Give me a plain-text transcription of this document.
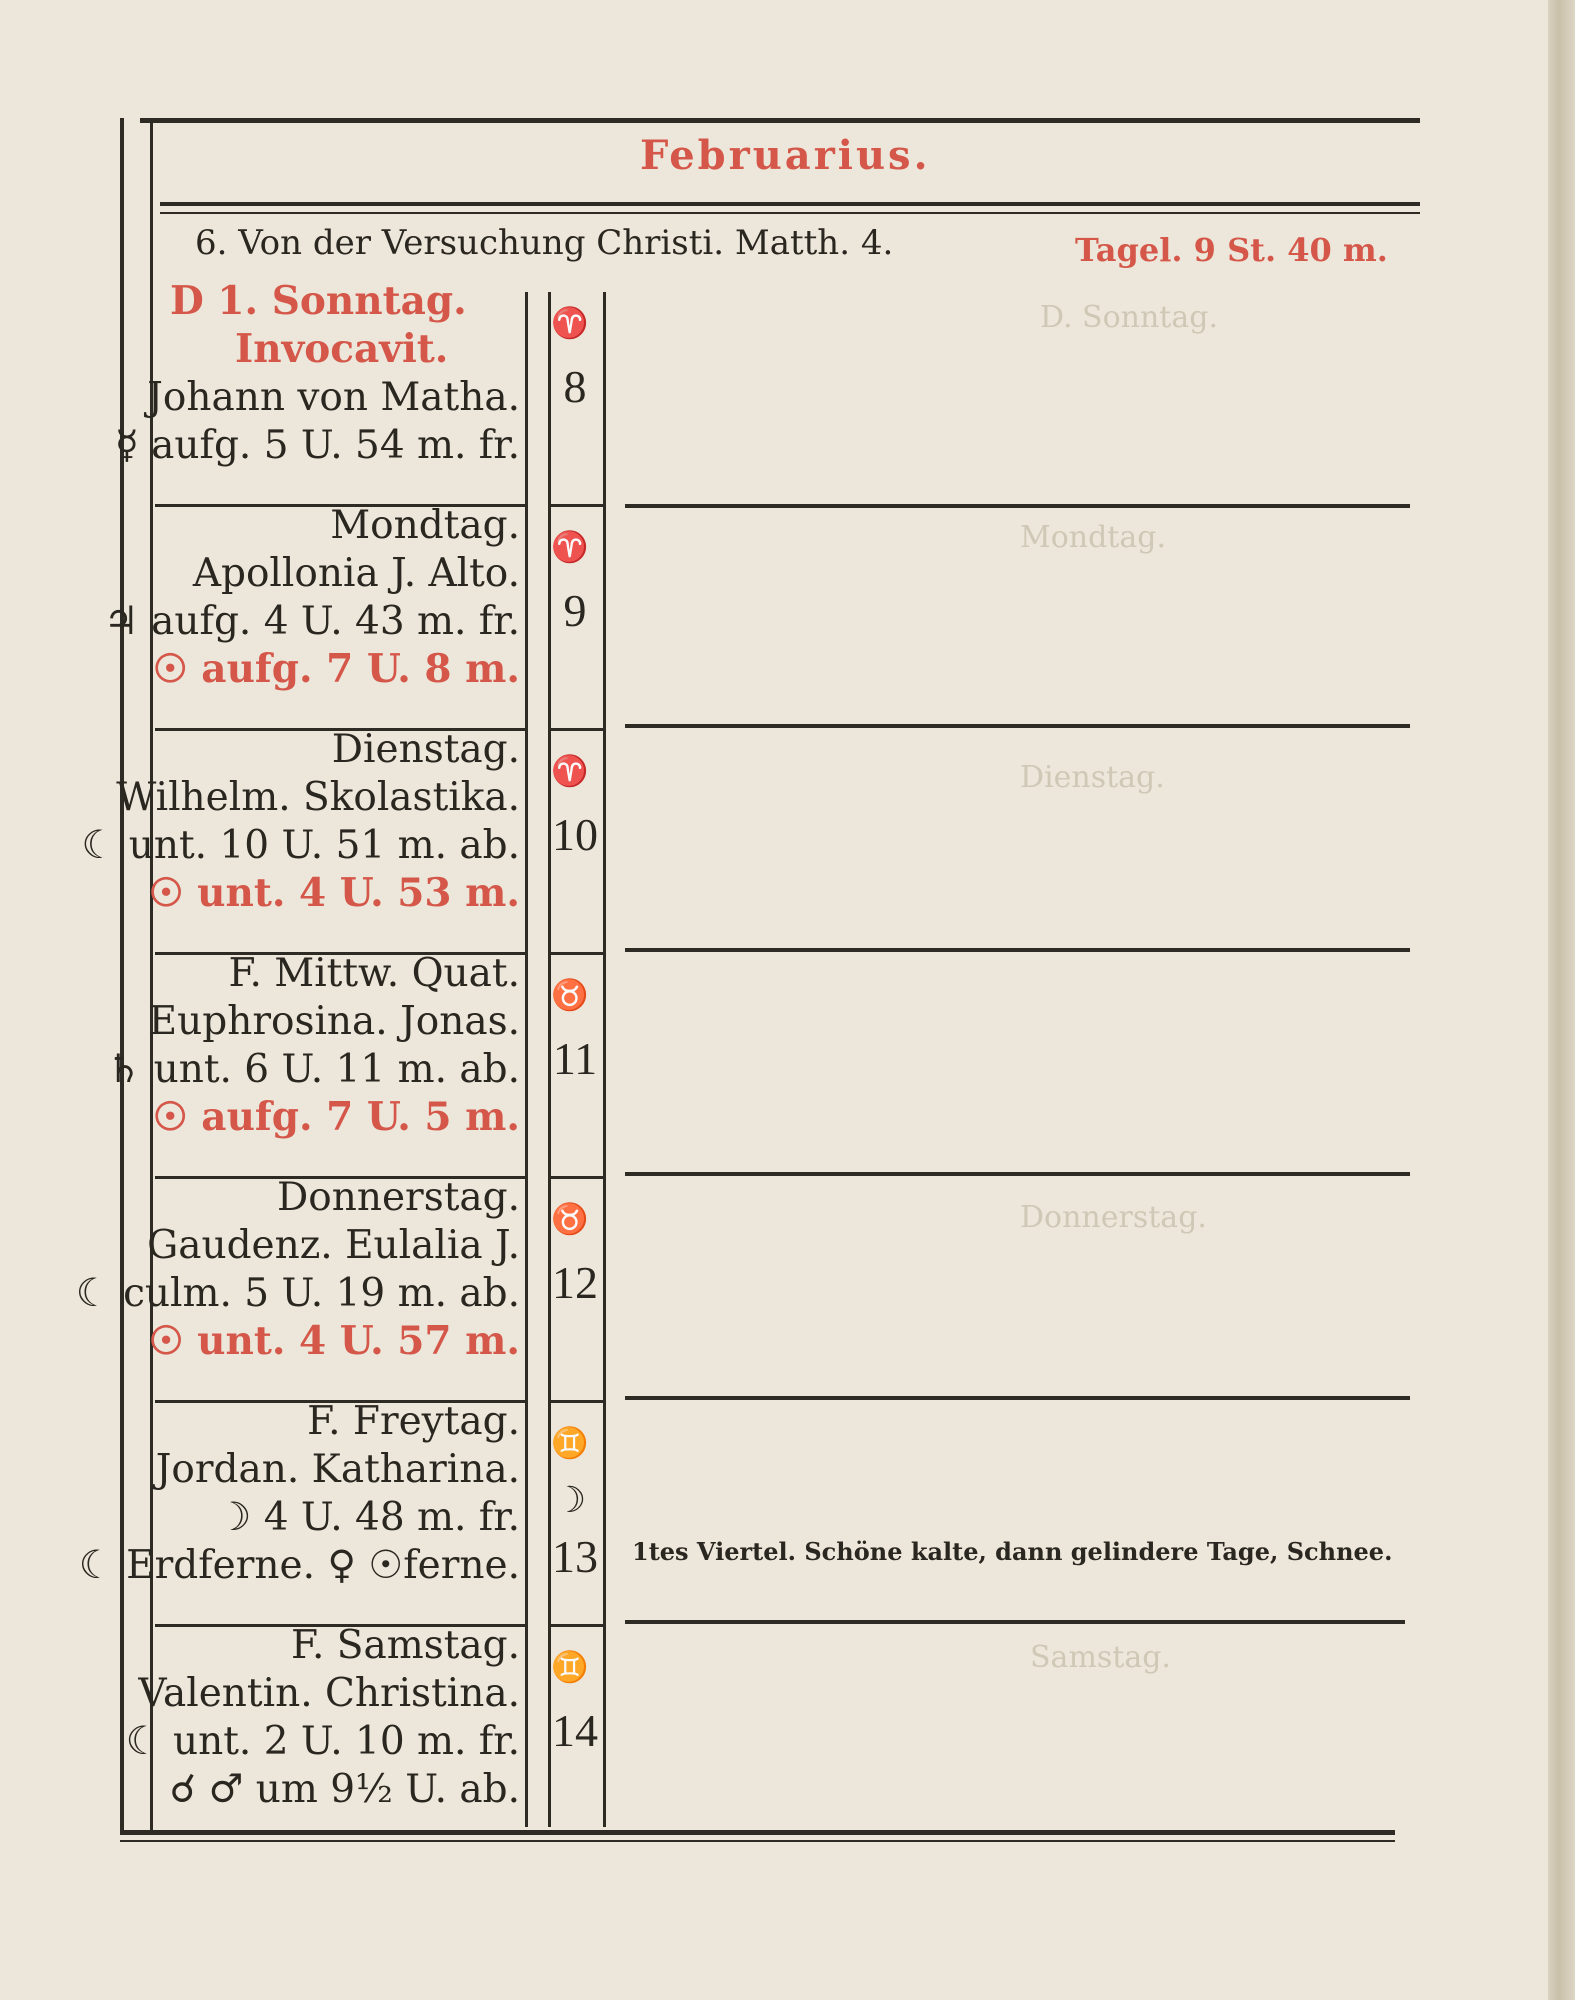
D. Sonntag.
Mondtag.
Dienstag.
Donnerstag.
Samstag.
Februarius.
6. Von der Versuchung Christi. Matth. 4.	Tagel. 9 St. 40 m.
D 1. Sonntag.
Invocavit.
Johann von Matha.
☿ aufg. 5 U. 54 m. fr.
♈
8
Mondtag.
Apollonia J. Alto.
♃ aufg. 4 U. 43 m. fr.
☉ aufg. 7 U. 8 m.
♈
9
Dienstag.
Wilhelm. Skolastika.
☾ unt. 10 U. 51 m. ab.
☉ unt. 4 U. 53 m.
♈
10
F. Mittw. Quat.
Euphrosina. Jonas.
♄ unt. 6 U. 11 m. ab.
☉ aufg. 7 U. 5 m.
♉
11
Donnerstag.
Gaudenz. Eulalia J.
☾ culm. 5 U. 19 m. ab.
☉ unt. 4 U. 57 m.
♉
12
F. Freytag.
Jordan. Katharina.
☽ 4 U. 48 m. fr.
☾ Erdferne. ♀ ☉ferne.
♊
☽
13	1tes Viertel. Schöne kalte, dann gelindere Tage, Schnee.
F. Samstag.
Valentin. Christina.
☾ unt. 2 U. 10 m. fr.
☌ ♂ um 9½ U. ab.
♊
14
